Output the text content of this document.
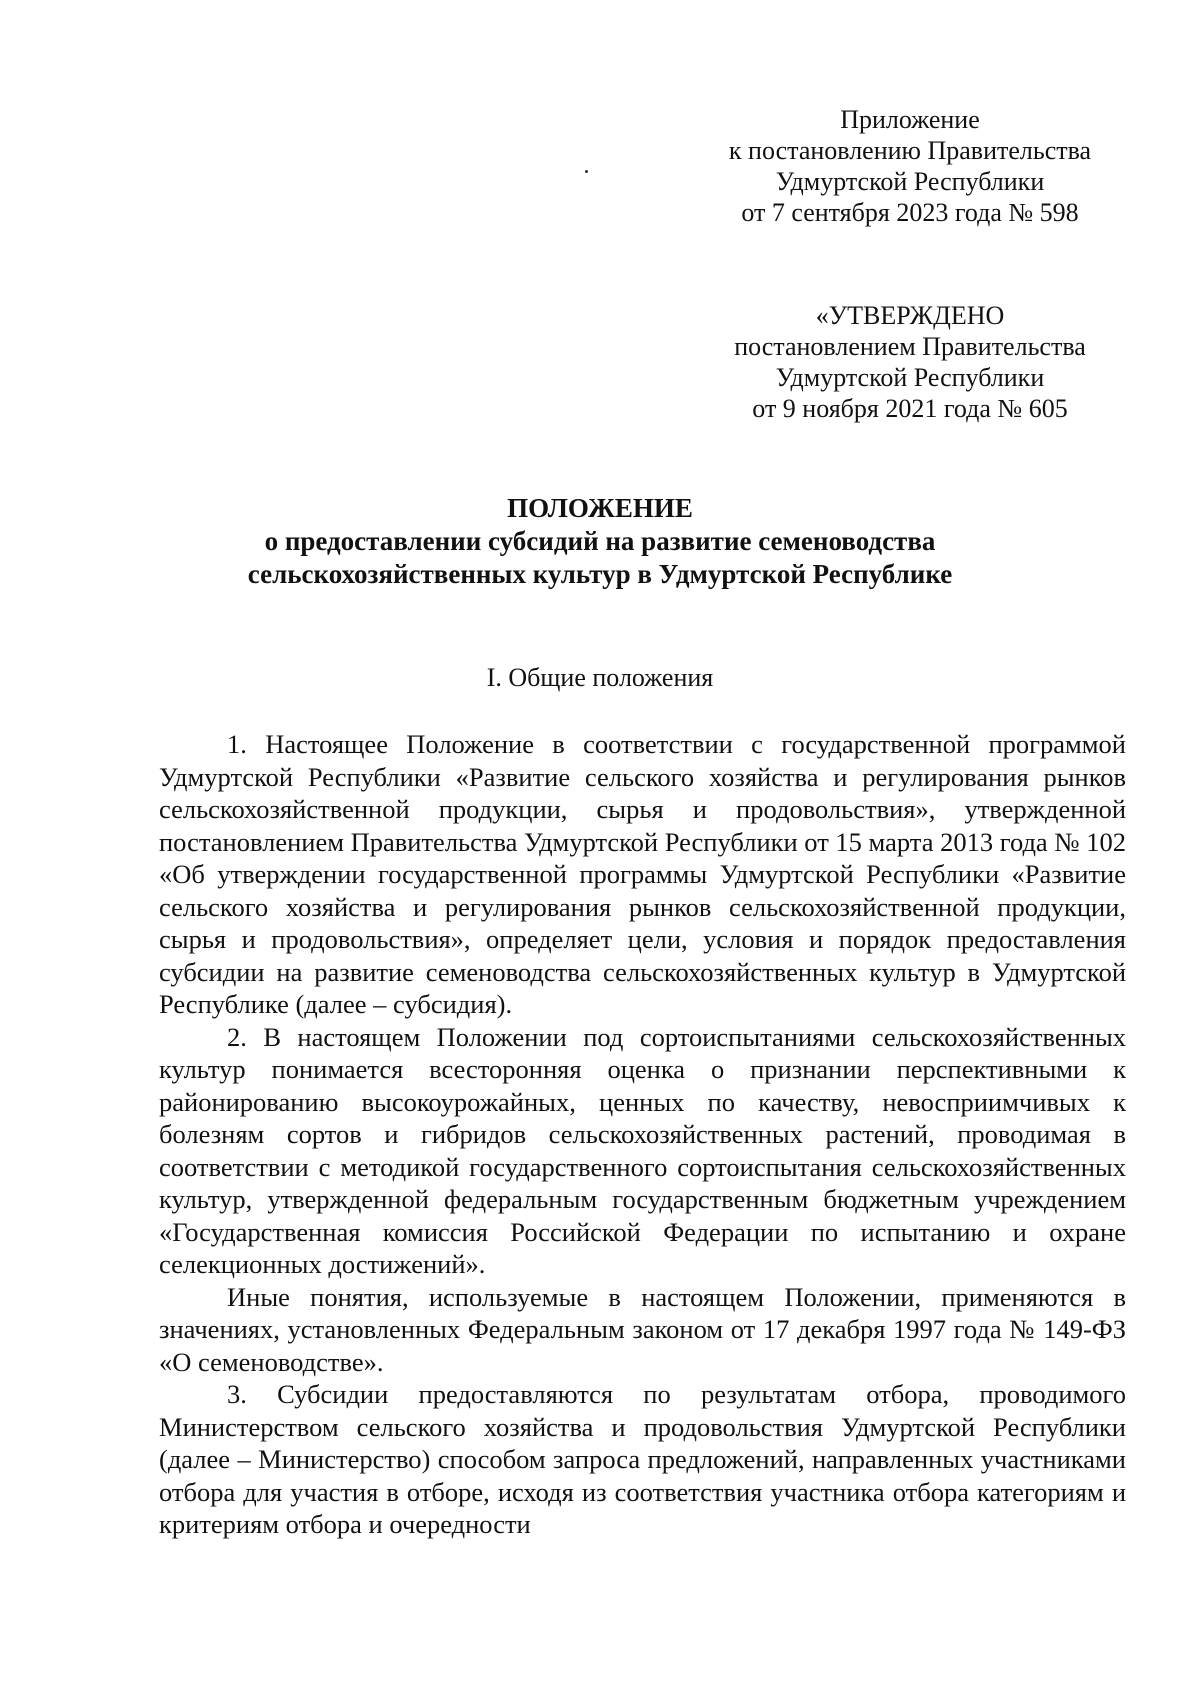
Приложение
к постановлению Правительства
Удмуртской Республики
от 7 сентября 2023 года № 598
«УТВЕРЖДЕНО
постановлением Правительства
Удмуртской Республики
от 9 ноября 2021 года № 605
ПОЛОЖЕНИЕ
о предоставлении субсидий на развитие семеноводства
сельскохозяйственных культур в Удмуртской Республике
I. Общие положения

1. Настоящее Положение в соответствии с государственной программой Удмуртской Республики «Развитие сельского хозяйства и регулирования рынков сельскохозяйственной продукции, сырья и продовольствия», утвержденной постановлением Правительства Удмуртской Республики от 15 марта 2013 года № 102 «Об утверждении государственной программы Удмуртской Республики «Развитие сельского хозяйства и регулирования рынков сельскохозяйственной продукции, сырья и продовольствия», определяет цели, условия и порядок предоставления субсидии на развитие семеноводства сельскохозяйственных культур в Удмуртской Республике (далее – субсидия).

2. В настоящем Положении под сортоиспытаниями сельскохозяйственных культур понимается всесторонняя оценка о признании перспективными к районированию высокоурожайных, ценных по качеству, невосприимчивых к болезням сортов и гибридов сельскохозяйственных растений, проводимая в соответствии с методикой государственного сортоиспытания сельскохозяйственных культур, утвержденной федеральным государственным бюджетным учреждением «Государственная комиссия Российской Федерации по испытанию и охране селекционных достижений».

Иные понятия, используемые в настоящем Положении, применяются в значениях, установленных Федеральным законом от 17 декабря 1997 года № 149-ФЗ «О семеноводстве».

3. Субсидии предоставляются по результатам отбора, проводимого Министерством сельского хозяйства и продовольствия Удмуртской Республики (далее – Министерство) способом запроса предложений, направленных участниками отбора для участия в отборе, исходя из соответствия участника отбора категориям и критериям отбора и очередности
